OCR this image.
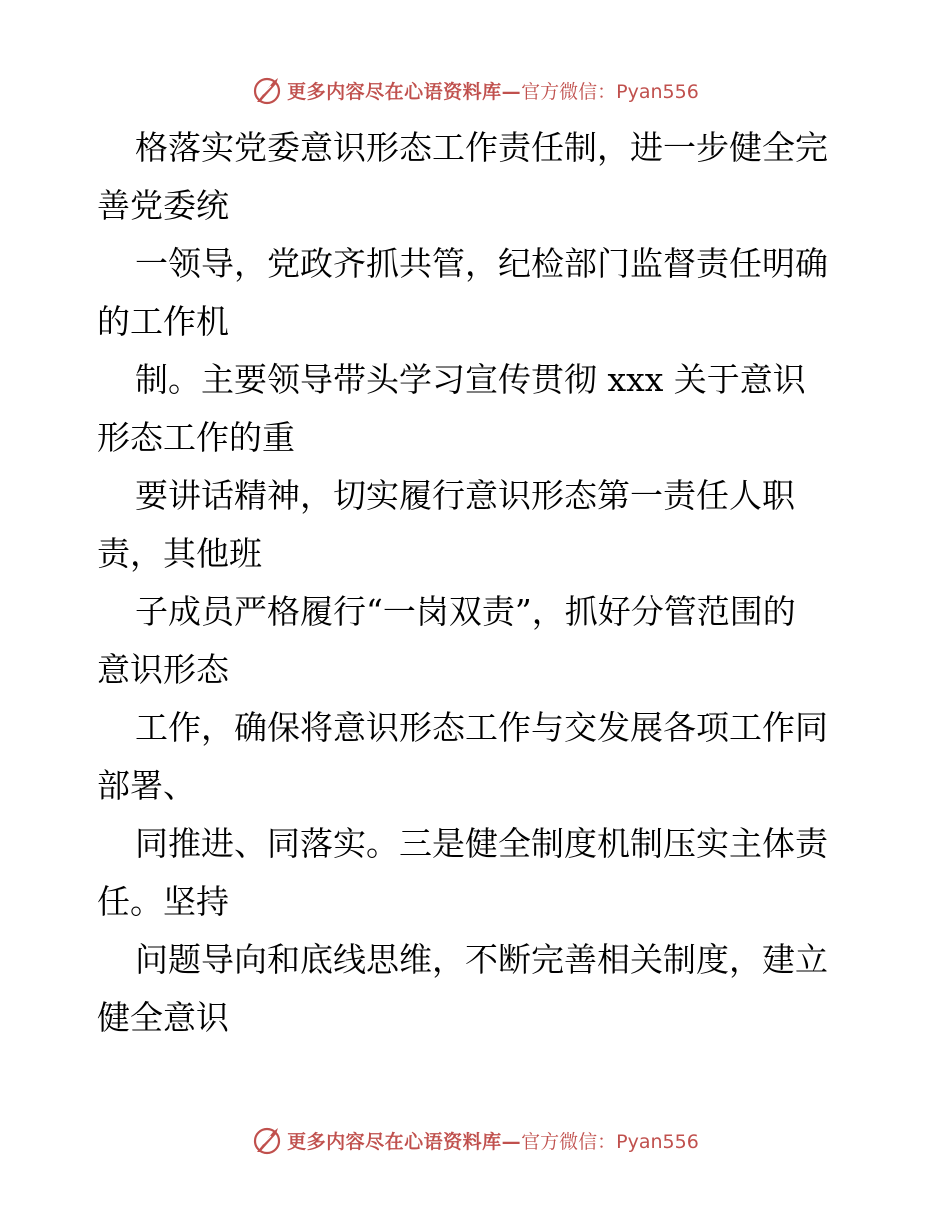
更多内容尽在心语资料库— 官方微信：Pyan556
格落实党委意识形态工作责任制，进一步健全完
善党委统
一领导，党政齐抓共管，纪检部门监督责任明确
的工作机
制。主要领导带头学习宣传贯彻 xxx 关于意识
形态工作的重
要讲话精神，切实履行意识形态第一责任人职
责，其他班
子成员严格履行“一岗双责”，抓好分管范围的
意识形态
工作，确保将意识形态工作与交发展各项工作同
部署、
同推进、同落实。三是健全制度机制压实主体责
任。坚持
问题导向和底线思维，不断完善相关制度，建立
健全意识
更多内容尽在心语资料库— 官方微信：Pyan556
